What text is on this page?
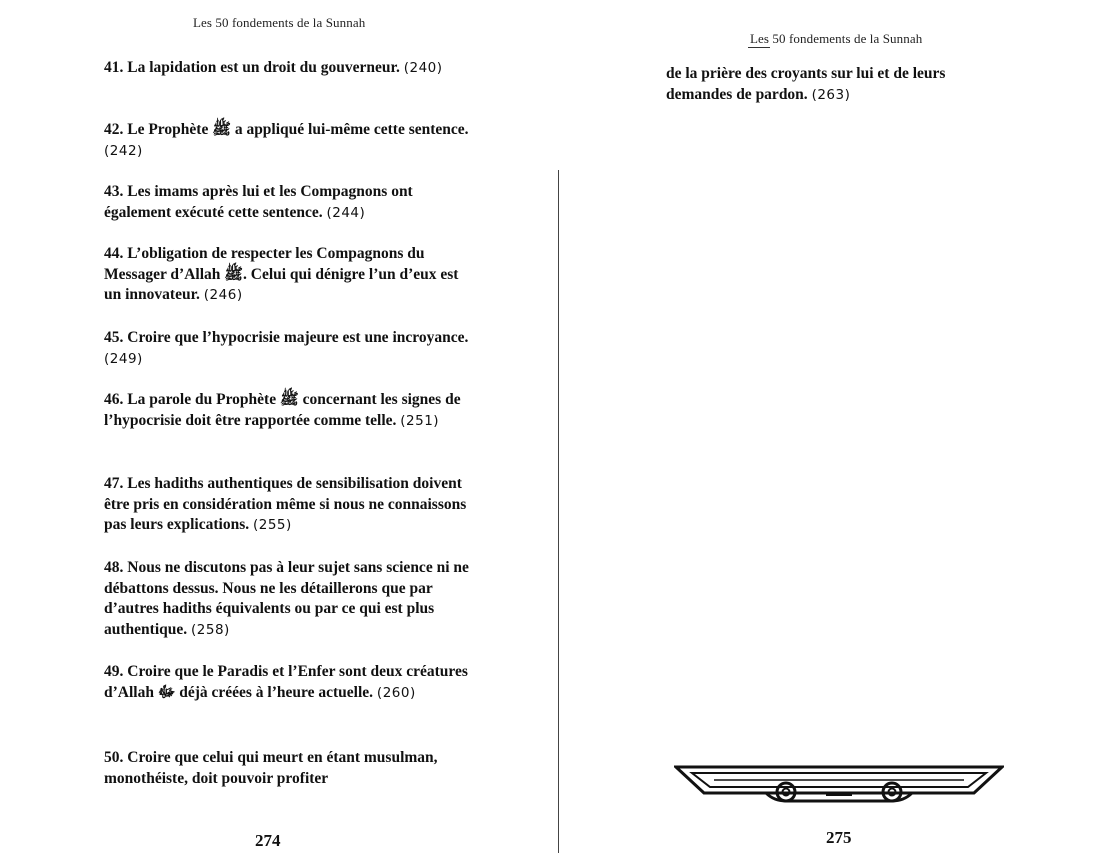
Les 50 fondements de la Sunnah
41. La lapidation est un droit du gouverneur. (240)
42. Le Prophète ﷺ a appliqué lui-même cette sentence. (242)
43. Les imams après lui et les Compagnons ont également exécuté cette sentence. (244)
44. L’obligation de respecter les Compagnons du Messager d’Allah ﷺ. Celui qui dénigre l’un d’eux est un innovateur. (246)
45. Croire que l’hypocrisie majeure est une incroyance. (249)
46. La parole du Prophète ﷺ concernant les signes de l’hypocrisie doit être rapportée comme telle. (251)
47. Les hadiths authentiques de sensibilisation doivent être pris en considération même si nous ne connaissons pas leurs explications. (255)
48. Nous ne discutons pas à leur sujet sans science ni ne débattons dessus. Nous ne les détaillerons que par d’autres hadiths équivalents ou par ce qui est plus authentique. (258)
49. Croire que le Paradis et l’Enfer sont deux créatures d’Allah ﷻ déjà créées à l’heure actuelle. (260)
50. Croire que celui qui meurt en étant musulman, monothéiste, doit pouvoir profiter
274
Les 50 fondements de la Sunnah
de la prière des croyants sur lui et de leurs demandes de pardon. (263)
275
